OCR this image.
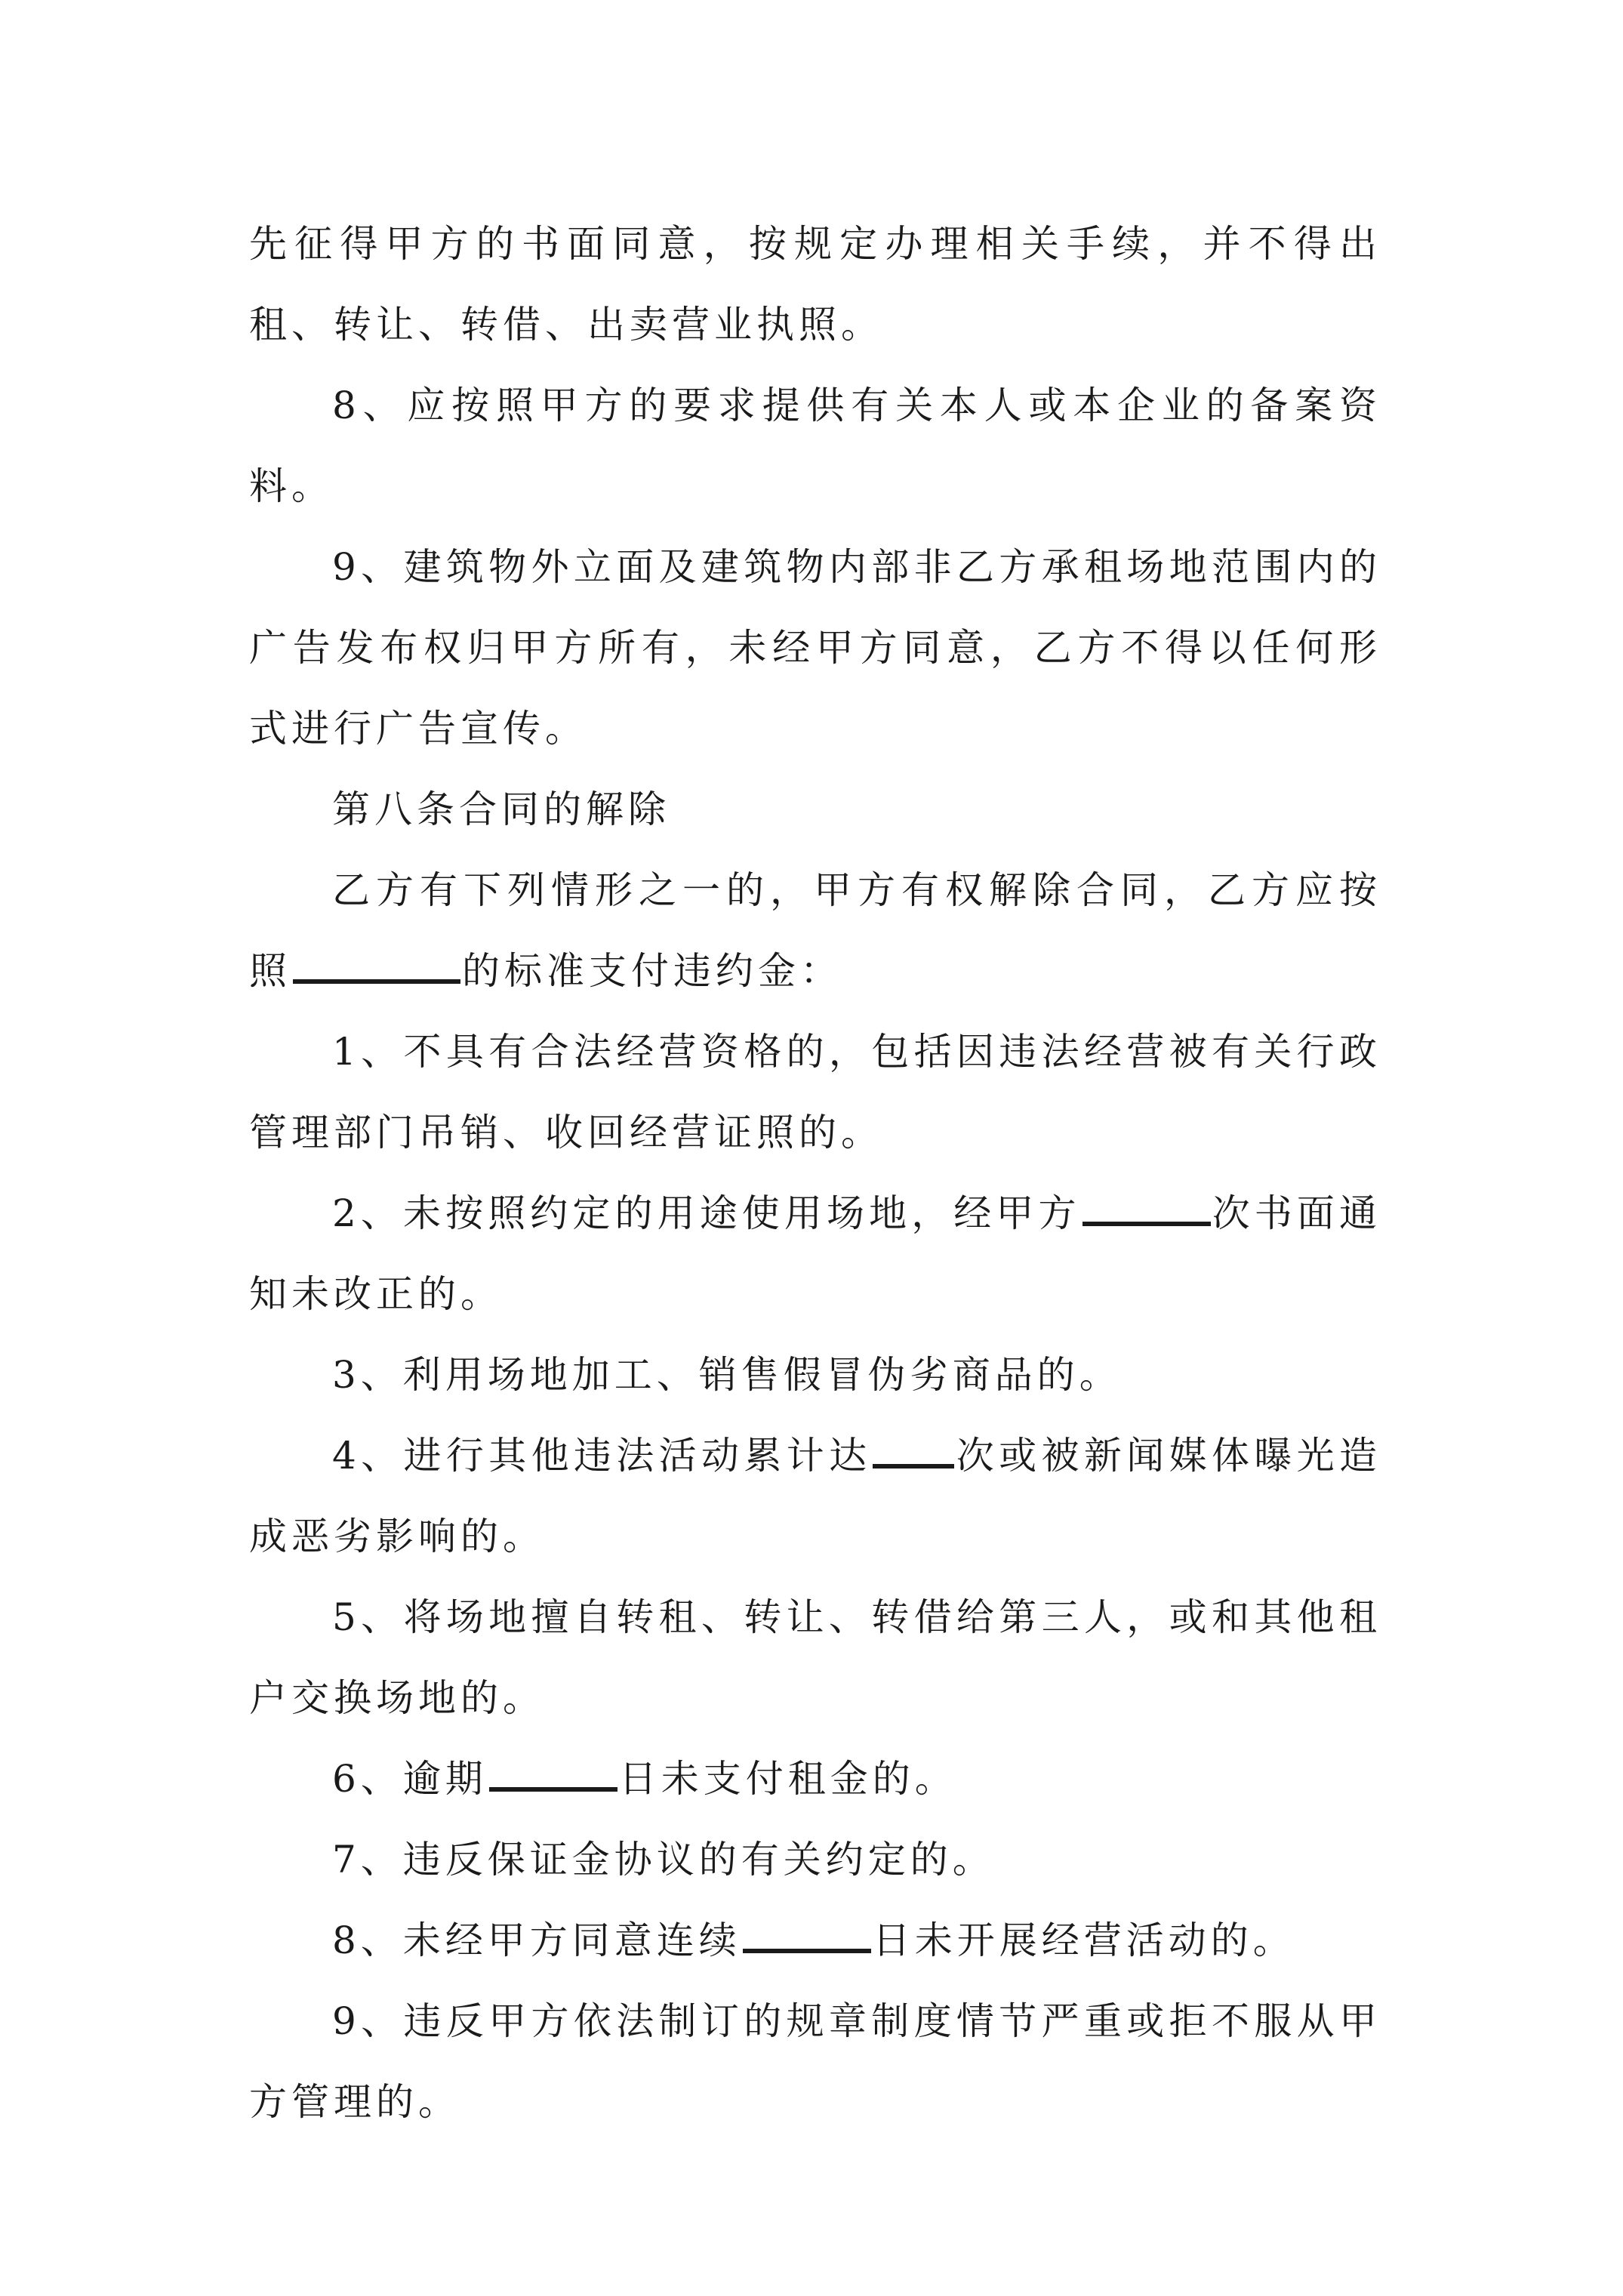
先征得甲方的书面同意，按规定办理相关手续，并不得出租、转让、转借、出卖营业执照。

8、应按照甲方的要求提供有关本人或本企业的备案资料。

9、建筑物外立面及建筑物内部非乙方承租场地范围内的广告发布权归甲方所有，未经甲方同意，乙方不得以任何形式进行广告宣传。

第八条合同的解除

乙方有下列情形之一的，甲方有权解除合同，乙方应按照	的标准支付违约金：

1、不具有合法经营资格的，包括因违法经营被有关行政管理部门吊销、收回经营证照的。

2、未按照约定的用途使用场地，经甲方	次书面通知未改正的。

3、利用场地加工、销售假冒伪劣商品的。

4、进行其他违法活动累计达 次或被新闻媒体曝光造成恶劣影响的。

5、将场地擅自转租、转让、转借给第三人，或和其他租户交换场地的。

6、逾期	日未支付租金的。

7、违反保证金协议的有关约定的。

8、未经甲方同意连续	日未开展经营活动的。

9、违反甲方依法制订的规章制度情节严重或拒不服从甲方管理的。
